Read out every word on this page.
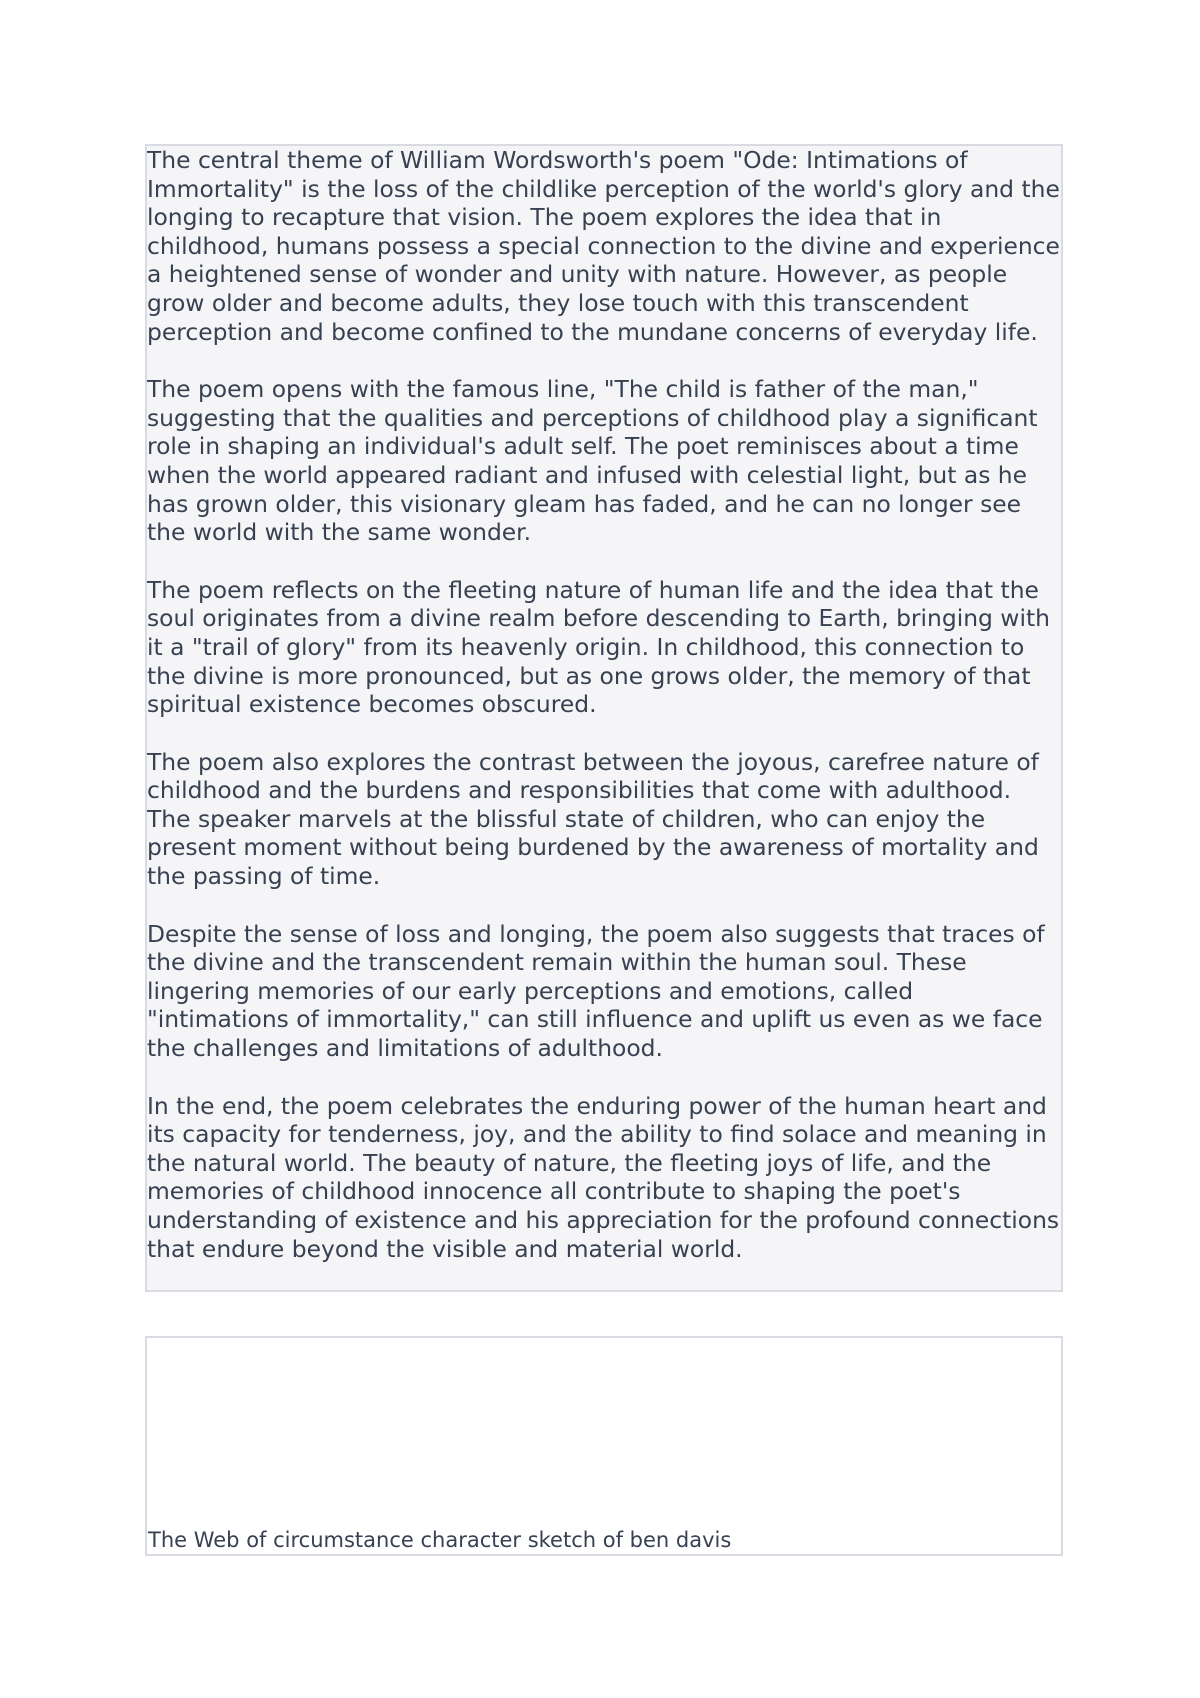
The central theme of William Wordsworth's poem "Ode: Intimations of Immortality" is the loss of the childlike perception of the world's glory and the longing to recapture that vision. The poem explores the idea that in childhood, humans possess a special connection to the divine and experience a heightened sense of wonder and unity with nature. However, as people grow older and become adults, they lose touch with this transcendent perception and become confined to the mundane concerns of everyday life.

The poem opens with the famous line, "The child is father of the man," suggesting that the qualities and perceptions of childhood play a significant role in shaping an individual's adult self. The poet reminisces about a time when the world appeared radiant and infused with celestial light, but as he has grown older, this visionary gleam has faded, and he can no longer see the world with the same wonder.

The poem reflects on the fleeting nature of human life and the idea that the soul originates from a divine realm before descending to Earth, bringing with it a "trail of glory" from its heavenly origin. In childhood, this connection to the divine is more pronounced, but as one grows older, the memory of that spiritual existence becomes obscured.

The poem also explores the contrast between the joyous, carefree nature of childhood and the burdens and responsibilities that come with adulthood. The speaker marvels at the blissful state of children, who can enjoy the present moment without being burdened by the awareness of mortality and the passing of time.

Despite the sense of loss and longing, the poem also suggests that traces of the divine and the transcendent remain within the human soul. These lingering memories of our early perceptions and emotions, called "intimations of immortality," can still influence and uplift us even as we face the challenges and limitations of adulthood.

In the end, the poem celebrates the enduring power of the human heart and its capacity for tenderness, joy, and the ability to find solace and meaning in the natural world. The beauty of nature, the fleeting joys of life, and the memories of childhood innocence all contribute to shaping the poet's understanding of existence and his appreciation for the profound connections that endure beyond the visible and material world.

The Web of circumstance character sketch of ben davis
